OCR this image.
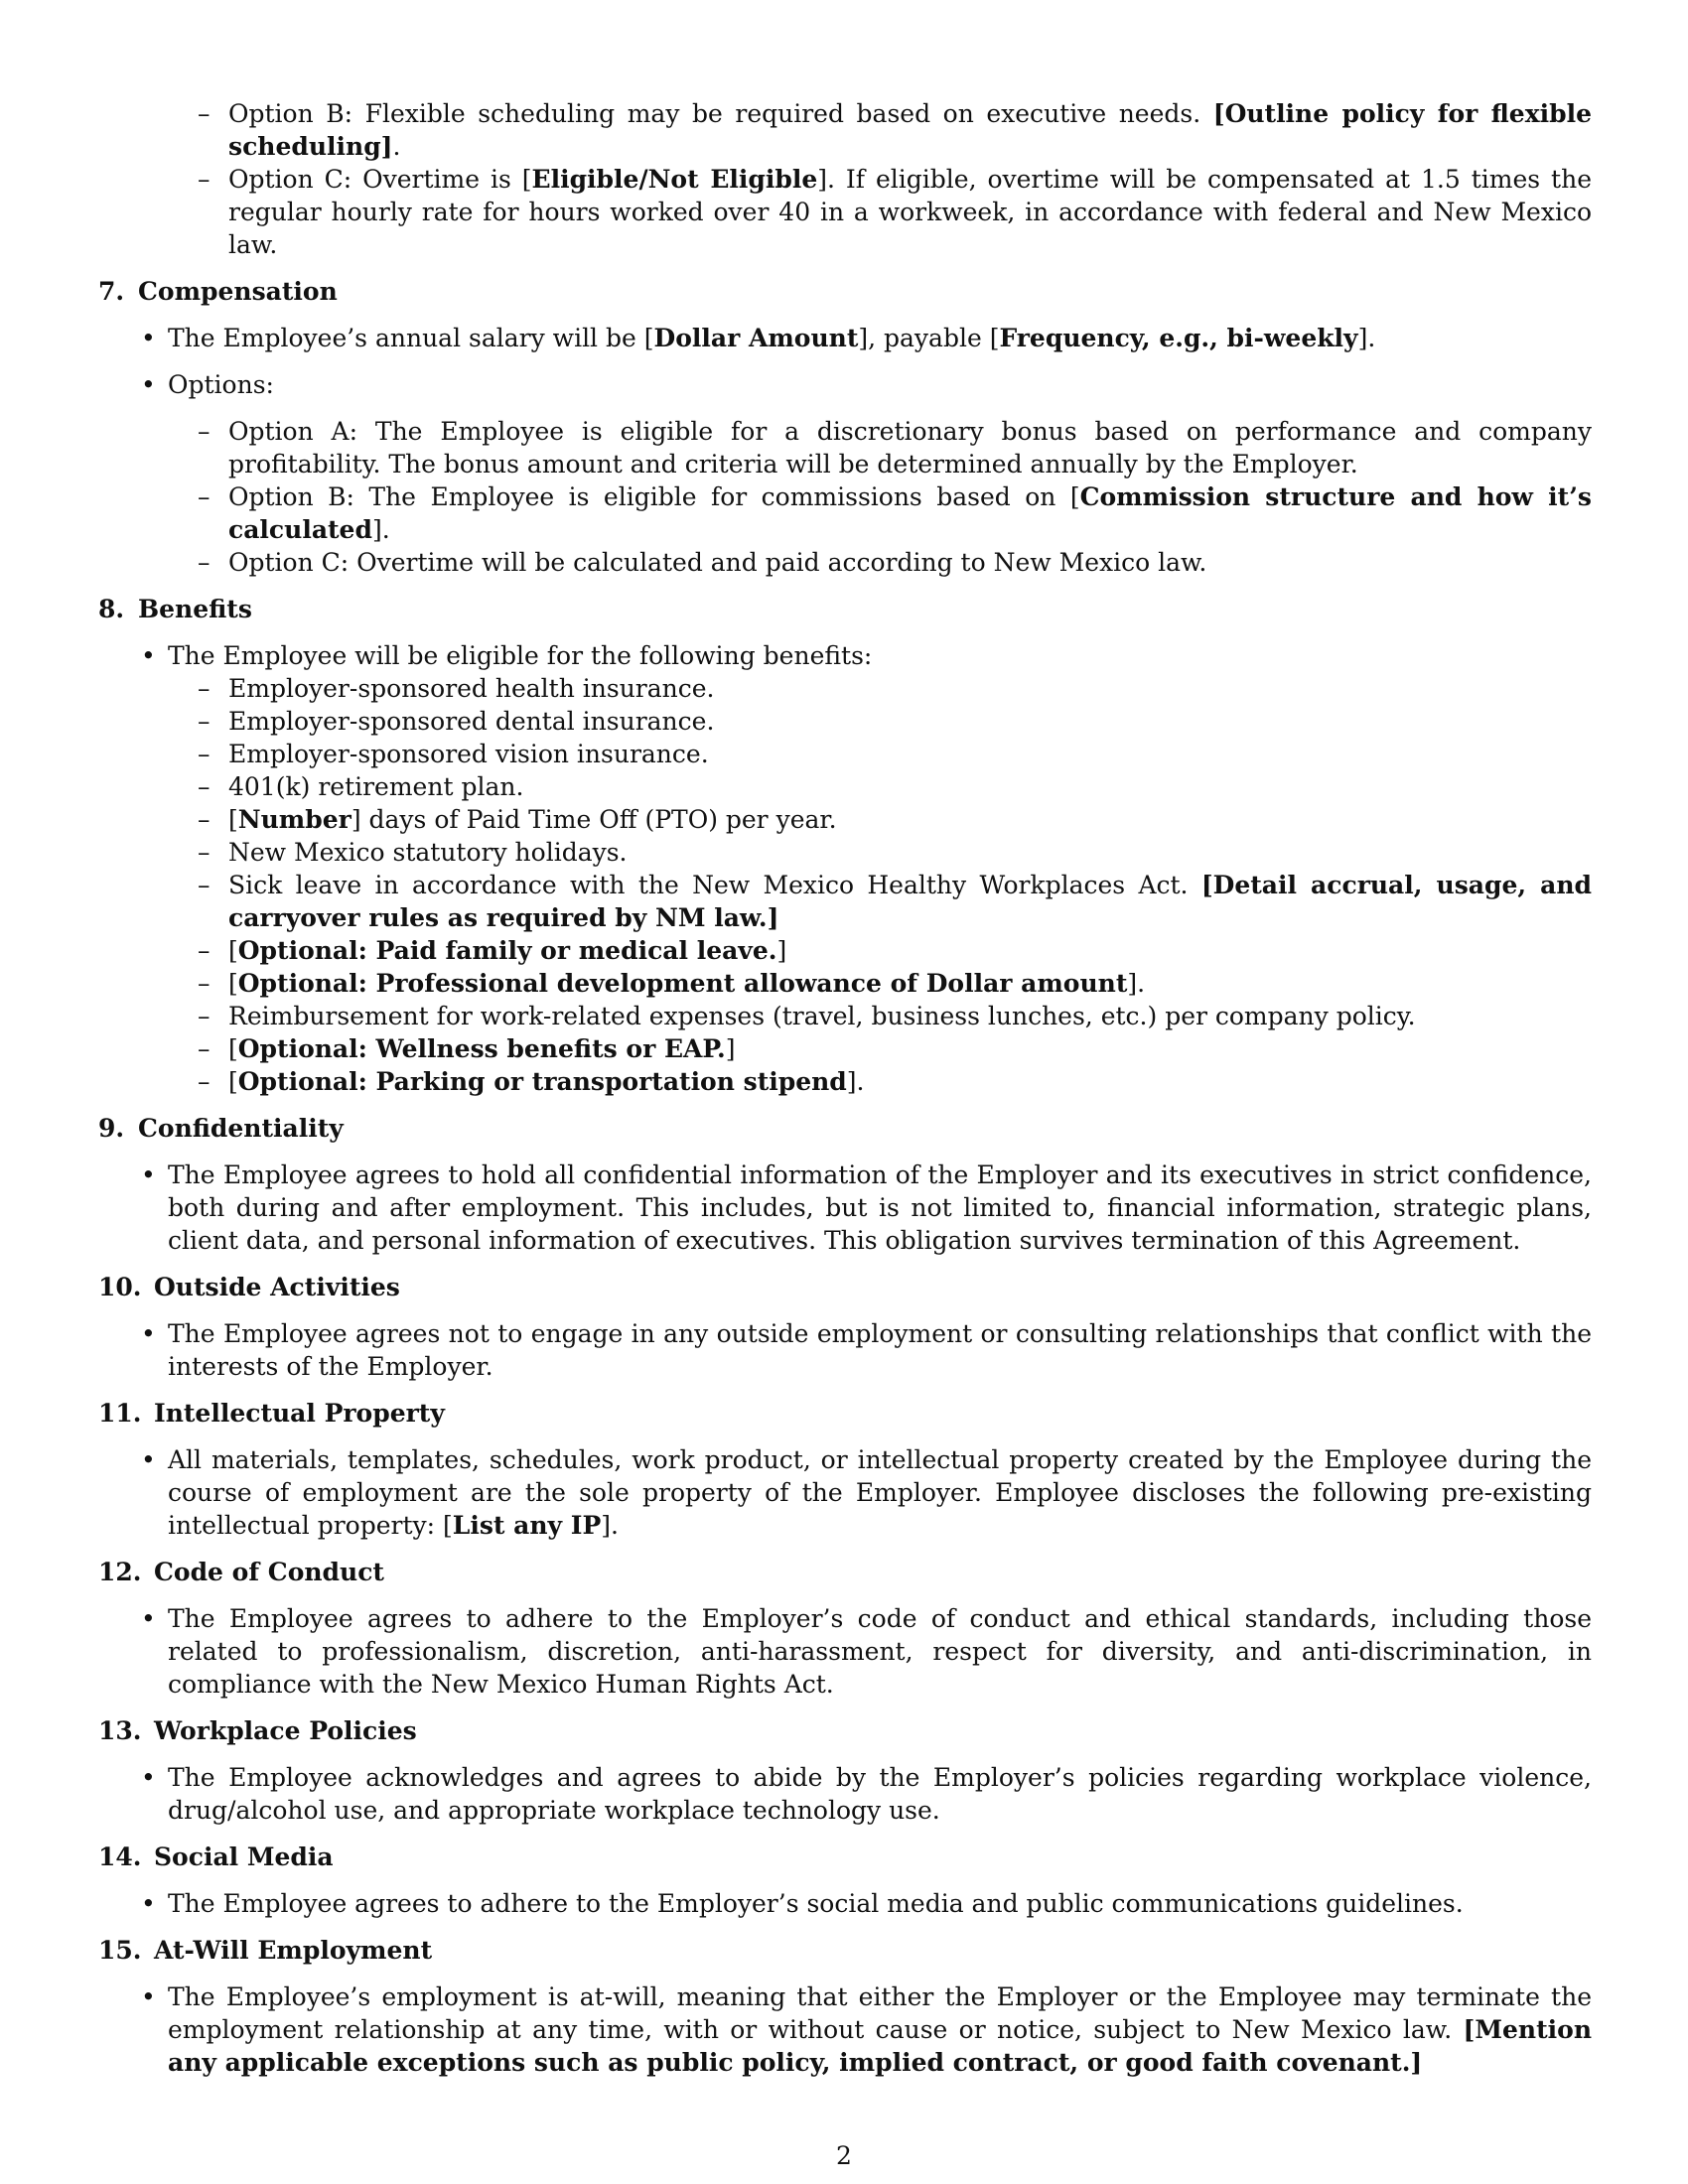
– Option B: Flexible scheduling may be required based on executive needs. [Outline policy for flexible scheduling].

– Option C: Overtime is [Eligible/Not Eligible]. If eligible, overtime will be compensated at 1.5 times the regular hourly rate for hours worked over 40 in a workweek, in accordance with federal and New Mexico law.

7. Compensation

• The Employee’s annual salary will be [Dollar Amount], payable [Frequency, e.g., bi-weekly].

• Options:

– Option A: The Employee is eligible for a discretionary bonus based on performance and company profitability. The bonus amount and criteria will be determined annually by the Employer.

– Option B: The Employee is eligible for commissions based on [Commission structure and how it’s calculated].

– Option C: Overtime will be calculated and paid according to New Mexico law.

8. Benefits

• The Employee will be eligible for the following benefits:

– Employer-sponsored health insurance.

– Employer-sponsored dental insurance.

– Employer-sponsored vision insurance.

– 401(k) retirement plan.

– [Number] days of Paid Time Off (PTO) per year.

– New Mexico statutory holidays.

– Sick leave in accordance with the New Mexico Healthy Workplaces Act. [Detail accrual, usage, and carryover rules as required by NM law.]

– [Optional: Paid family or medical leave.]

– [Optional: Professional development allowance of Dollar amount].

– Reimbursement for work-related expenses (travel, business lunches, etc.) per company policy.

– [Optional: Wellness benefits or EAP.]

– [Optional: Parking or transportation stipend].

9. Confidentiality

• The Employee agrees to hold all confidential information of the Employer and its executives in strict confidence, both during and after employment. This includes, but is not limited to, financial information, strategic plans, client data, and personal information of executives. This obligation survives termination of this Agreement.

10. Outside Activities

• The Employee agrees not to engage in any outside employment or consulting relationships that conflict with the interests of the Employer.

11. Intellectual Property

• All materials, templates, schedules, work product, or intellectual property created by the Employee during the course of employment are the sole property of the Employer. Employee discloses the following pre-existing intellectual property: [List any IP].

12. Code of Conduct

• The Employee agrees to adhere to the Employer’s code of conduct and ethical standards, including those related to professionalism, discretion, anti-harassment, respect for diversity, and anti-discrimination, in compliance with the New Mexico Human Rights Act.

13. Workplace Policies

• The Employee acknowledges and agrees to abide by the Employer’s policies regarding workplace violence, drug/alcohol use, and appropriate workplace technology use.

14. Social Media

• The Employee agrees to adhere to the Employer’s social media and public communications guidelines.

15. At-Will Employment

• The Employee’s employment is at-will, meaning that either the Employer or the Employee may terminate the employment relationship at any time, with or without cause or notice, subject to New Mexico law. [Mention any applicable exceptions such as public policy, implied contract, or good faith covenant.]

2
